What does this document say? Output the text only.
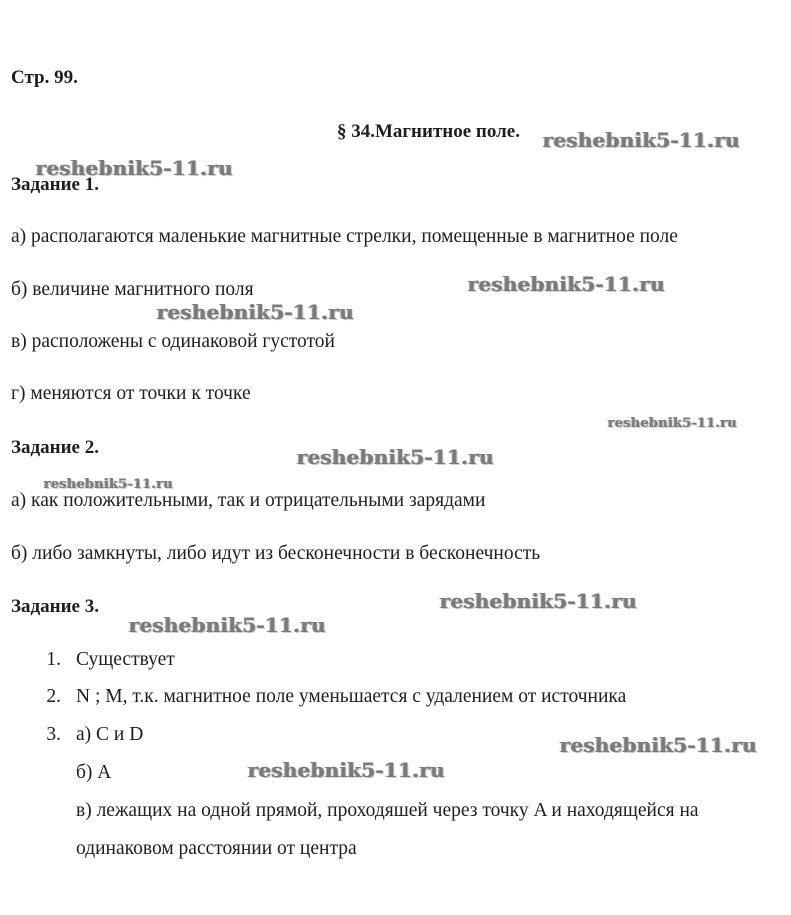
Стр. 99.
§ 34.Магнитное поле.
Задание 1.
а) располагаются маленькие магнитные стрелки, помещенные в магнитное поле
б) величине магнитного поля
в) расположены с одинаковой густотой
г) меняются от точки к точке
Задание 2.
а) как положительными, так и отрицательными зарядами
б) либо замкнуты, либо идут из бесконечности в бесконечность
Задание 3.
1. Существует
2. N ; M, т.к. магнитное поле уменьшается с удалением от источника
3. а) C и D
б) A
в) лежащих на одной прямой, проходяшей через точку A и находящейся на
одинаковом расстоянии от центра
reshebnik5-11.ru
reshebnik5-11.ru
reshebnik5-11.ru
reshebnik5-11.ru
reshebnik5-11.ru
reshebnik5-11.ru
reshebnik5-11.ru
reshebnik5-11.ru
reshebnik5-11.ru
reshebnik5-11.ru
reshebnik5-11.ru
